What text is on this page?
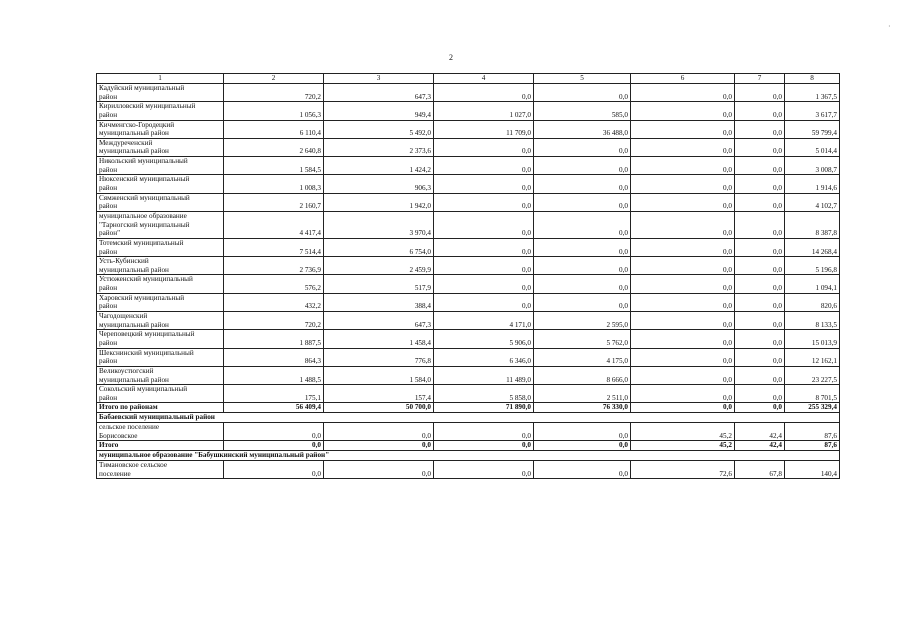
2
·
1	2	3	4	5	6	7	8
Кадуйский муниципальный
район	720,2	647,3	0,0	0,0	0,0	0,0	1 367,5
Кирилловский муниципальный
район	1 056,3	949,4	1 027,0	585,0	0,0	0,0	3 617,7
Кичменгско-Городецкий
муниципальный район	6 110,4	5 492,0	11 709,0	36 488,0	0,0	0,0	59 799,4
Междуреченский
муниципальный район	2 640,8	2 373,6	0,0	0,0	0,0	0,0	5 014,4
Никольский муниципальный
район	1 584,5	1 424,2	0,0	0,0	0,0	0,0	3 008,7
Нюксенский муниципальный
район	1 008,3	906,3	0,0	0,0	0,0	0,0	1 914,6
Сямженский муниципальный
район	2 160,7	1 942,0	0,0	0,0	0,0	0,0	4 102,7
муниципальное образование
"Тарногский муниципальный
район"	4 417,4	3 970,4	0,0	0,0	0,0	0,0	8 387,8
Тотемский муниципальный
район	7 514,4	6 754,0	0,0	0,0	0,0	0,0	14 268,4
Усть-Кубинский
муниципальный район	2 736,9	2 459,9	0,0	0,0	0,0	0,0	5 196,8
Устюженский муниципальный
район	576,2	517,9	0,0	0,0	0,0	0,0	1 094,1
Харовский муниципальный
район	432,2	388,4	0,0	0,0	0,0	0,0	820,6
Чагодощенский
муниципальный район	720,2	647,3	4 171,0	2 595,0	0,0	0,0	8 133,5
Череповецкий муниципальный
район	1 887,5	1 458,4	5 906,0	5 762,0	0,0	0,0	15 013,9
Шекснинский муниципальный
район	864,3	776,8	6 346,0	4 175,0	0,0	0,0	12 162,1
Великоустюгский
муниципальный район	1 488,5	1 584,0	11 489,0	8 666,0	0,0	0,0	23 227,5
Сокольский муниципальный
район	175,1	157,4	5 858,0	2 511,0	0,0	0,0	8 701,5
Итого по районам	56 409,4	50 700,0	71 890,0	76 330,0	0,0	0,0	255 329,4
Бабаевский муниципальный район							
сельское поселение
Борисовское	0,0	0,0	0,0	0,0	45,2	42,4	87,6
Итого	0,0	0,0	0,0	0,0	45,2	42,4	87,6
муниципальное образование "Бабушкинский муниципальный район"							
Тимановское сельское
поселение	0,0	0,0	0,0	0,0	72,6	67,8	140,4
